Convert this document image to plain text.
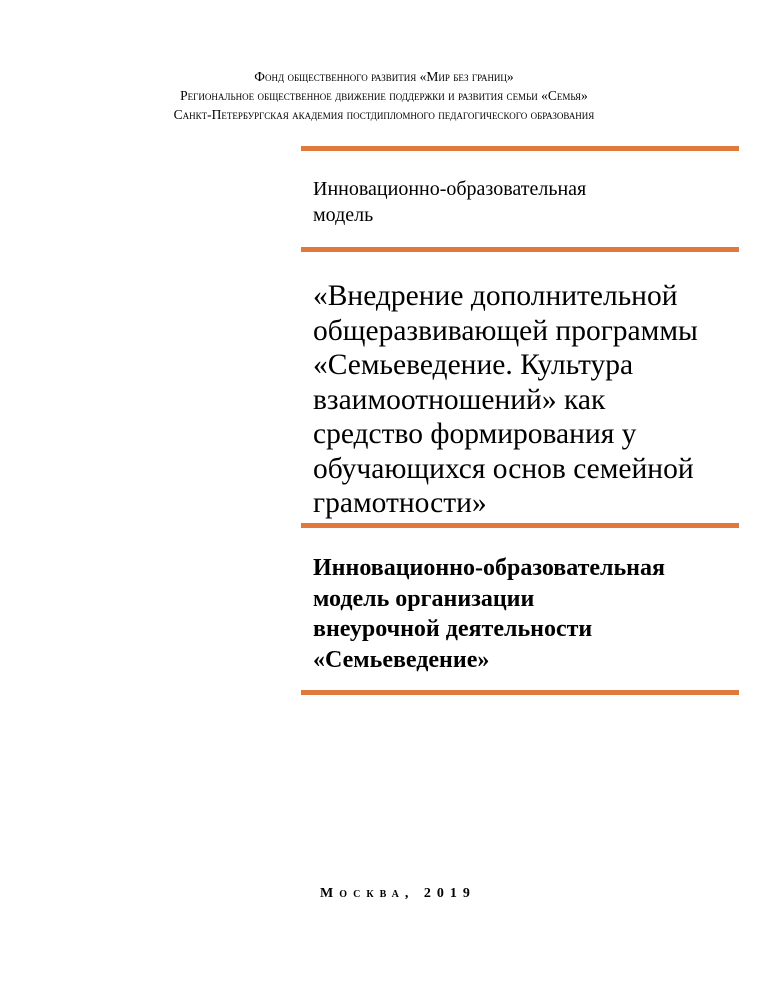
Фонд общественного развития «Мир без границ»
Региональное общественное движение поддержки и развития семьи «Семья»
Санкт-Петербургская академия постдипломного педагогического образования
Инновационно-образовательная
модель
«Внедрение дополнительной
общеразвивающей программы
«Семьеведение. Культура
взаимоотношений» как
средство формирования у
обучающихся основ семейной
грамотности»
Инновационно-образовательная
модель организации
внеурочной деятельности
«Семьеведение»
Москва, 2019
